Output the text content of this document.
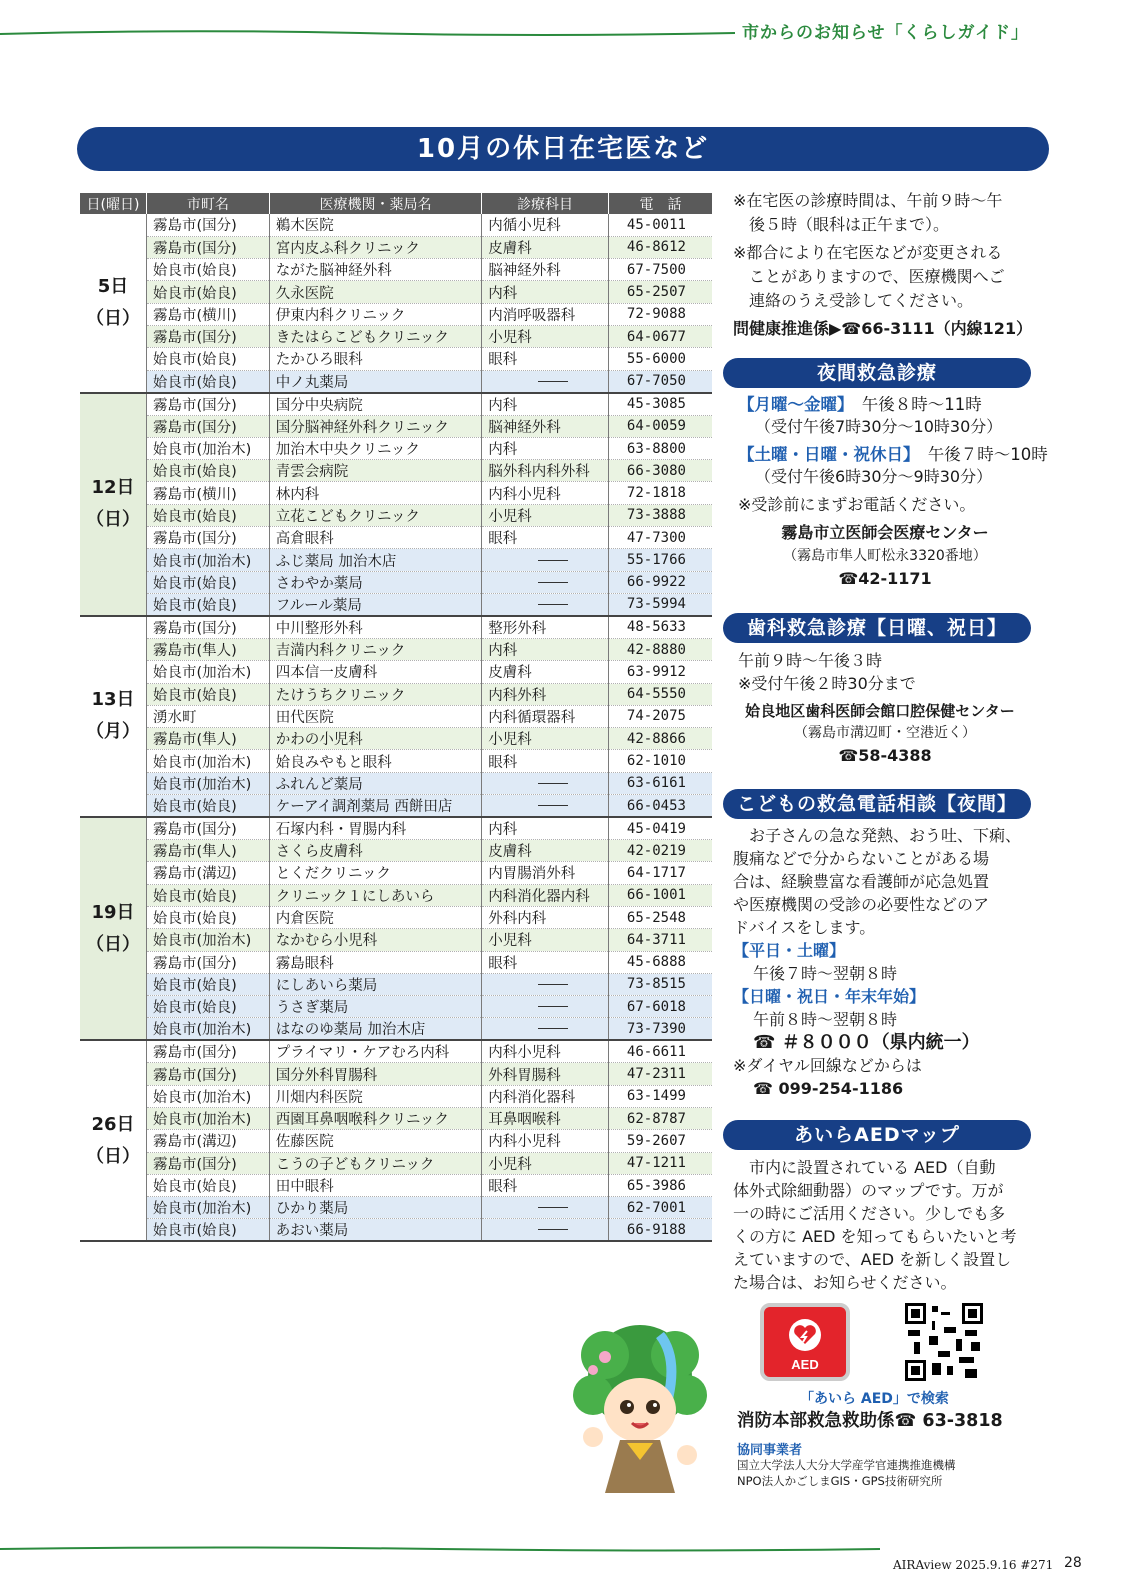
市からのお知らせ「くらしガイド」
10月の休日在宅医など
日(曜日)	市町名	医療機関・薬局名	診療科目	電　話

5日
（日）	霧島市(国分)	鵜木医院	内循小児科	45-0011
	霧島市(国分)	宮内皮ふ科クリニック	皮膚科	46-8612
	姶良市(姶良)	ながた脳神経外科	脳神経外科	67-7500
	姶良市(姶良)	久永医院	内科	65-2507
	霧島市(横川)	伊東内科クリニック	内消呼吸器科	72-9088
	霧島市(国分)	きたはらこどもクリニック	小児科	64-0677
	姶良市(姶良)	たかひろ眼科	眼科	55-6000
	姶良市(姶良)	中ノ丸薬局		67-7050

12日
（日）	霧島市(国分)	国分中央病院	内科	45-3085
	霧島市(国分)	国分脳神経外科クリニック	脳神経外科	64-0059
	姶良市(加治木)	加治木中央クリニック	内科	63-8800
	姶良市(姶良)	青雲会病院	脳外科内科外科	66-3080
	霧島市(横川)	林内科	内科小児科	72-1818
	姶良市(姶良)	立花こどもクリニック	小児科	73-3888
	霧島市(国分)	高倉眼科	眼科	47-7300
	姶良市(加治木)	ふじ薬局 加治木店		55-1766
	姶良市(姶良)	さわやか薬局		66-9922
	姶良市(姶良)	フルール薬局		73-5994

13日
（月）	霧島市(国分)	中川整形外科	整形外科	48-5633
	霧島市(隼人)	吉満内科クリニック	内科	42-8880
	姶良市(加治木)	四本信一皮膚科	皮膚科	63-9912
	姶良市(姶良)	たけうちクリニック	内科外科	64-5550
	湧水町	田代医院	内科循環器科	74-2075
	霧島市(隼人)	かわの小児科	小児科	42-8866
	姶良市(加治木)	姶良みやもと眼科	眼科	62-1010
	姶良市(加治木)	ふれんど薬局		63-6161
	姶良市(姶良)	ケーアイ調剤薬局 西餅田店		66-0453

19日
（日）	霧島市(国分)	石塚内科・胃腸内科	内科	45-0419
	霧島市(隼人)	さくら皮膚科	皮膚科	42-0219
	霧島市(溝辺)	とくだクリニック	内胃腸消外科	64-1717
	姶良市(姶良)	クリニック１にしあいら	内科消化器内科	66-1001
	姶良市(姶良)	内倉医院	外科内科	65-2548
	姶良市(加治木)	なかむら小児科	小児科	64-3711
	霧島市(国分)	霧島眼科	眼科	45-6888
	姶良市(姶良)	にしあいら薬局		73-8515
	姶良市(姶良)	うさぎ薬局		67-6018
	姶良市(加治木)	はなのゆ薬局 加治木店		73-7390

26日
（日）	霧島市(国分)	プライマリ・ケアむろ内科	内科小児科	46-6611
	霧島市(国分)	国分外科胃腸科	外科胃腸科	47-2311
	姶良市(加治木)	川畑内科医院	内科消化器科	63-1499
	姶良市(加治木)	西園耳鼻咽喉科クリニック	耳鼻咽喉科	62-8787
	霧島市(溝辺)	佐藤医院	内科小児科	59-2607
	霧島市(国分)	こうの子どもクリニック	小児科	47-1211
	姶良市(姶良)	田中眼科	眼科	65-3986
	姶良市(加治木)	ひかり薬局		62-7001
	姶良市(姶良)	あおい薬局		66-9188
※在宅医の診療時間は、午前９時～午
後５時（眼科は正午まで）。
※都合により在宅医などが変更される
ことがありますので、医療機関へご
連絡のうえ受診してください。
問健康推進係▶☎66-3111（内線121）
夜間救急診療
【月曜～金曜】　 午後８時～11時
（受付午後7時30分～10時30分）
【土曜・日曜・祝休日】　 午後７時～10時
（受付午後6時30分～9時30分）
※受診前にまずお電話ください。
霧島市立医師会医療センター
（霧島市隼人町松永3320番地）
☎42-1171
歯科救急診療【日曜、祝日】
午前９時～午後３時
※受付午後２時30分まで
姶良地区歯科医師会館口腔保健センター
（霧島市溝辺町・空港近く）
☎58-4388
こどもの救急電話相談【夜間】
お子さんの急な発熱、おう吐、下痢、
腹痛などで分からないことがある場
合は、経験豊富な看護師が応急処置
や医療機関の受診の必要性などのア
ドバイスをします。
【平日・土曜】
午後７時～翌朝８時
【日曜・祝日・年末年始】
午前８時～翌朝８時
☎ ＃８０００（県内統一）
※ダイヤル回線などからは
☎ 099-254-1186
あいらAEDマップ
市内に設置されている AED（自動
体外式除細動器）のマップです。万が
一の時にご活用ください。少しでも多
くの方に AED を知ってもらいたいと考
えていますので、AED を新しく設置し
た場合は、お知らせください。
AED
「あいら AED」で検索
消防本部救急救助係☎ 63-3818
協同事業者
国立大学法人大分大学産学官連携推進機構
NPO法人かごしまGIS・GPS技術研究所
AIRAview 2025.9.16 #271 28
